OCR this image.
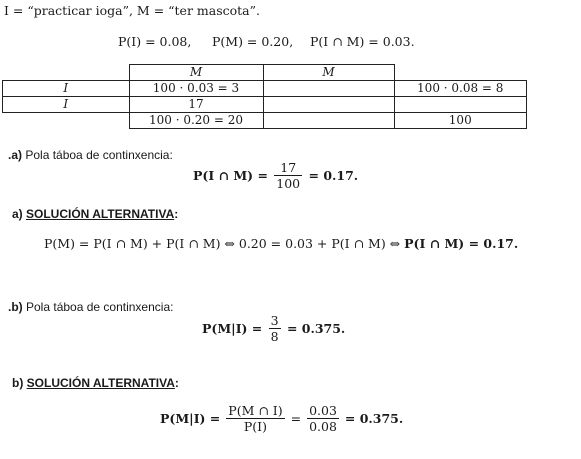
I = “practicar ioga”, M = “ter mascota”.
P(I) = 0.08, P(M) = 0.20, P(I ∩ M) = 0.03.
	M	$\overline{M}$	
I	100 · 0.03 = 3		100 · 0.08 = 8
$\overline{I}$	17		
	100 · 0.20 = 20		100
.a) Pola táboa de continxencia:
P(I ∩ $M) = \frac{17}{100} = 0.17$.
a) SOLUCIÓN ALTERNATIVA:
P(M) = P(I ∩ M) + P(I ∩ M) ⇔ 0.20 = 0.03 + P(I ∩ M) ⇔ P(I ∩ M) = 0.17.
.b) Pola táboa de continxencia:
$P(M|I) = \frac{3}{8} = 0.375$.
b) SOLUCIÓN ALTERNATIVA:
$P(M|I) = \frac{P(M \cap I)}{P(I)} = \frac{0.03}{0.08} = 0.375$.
